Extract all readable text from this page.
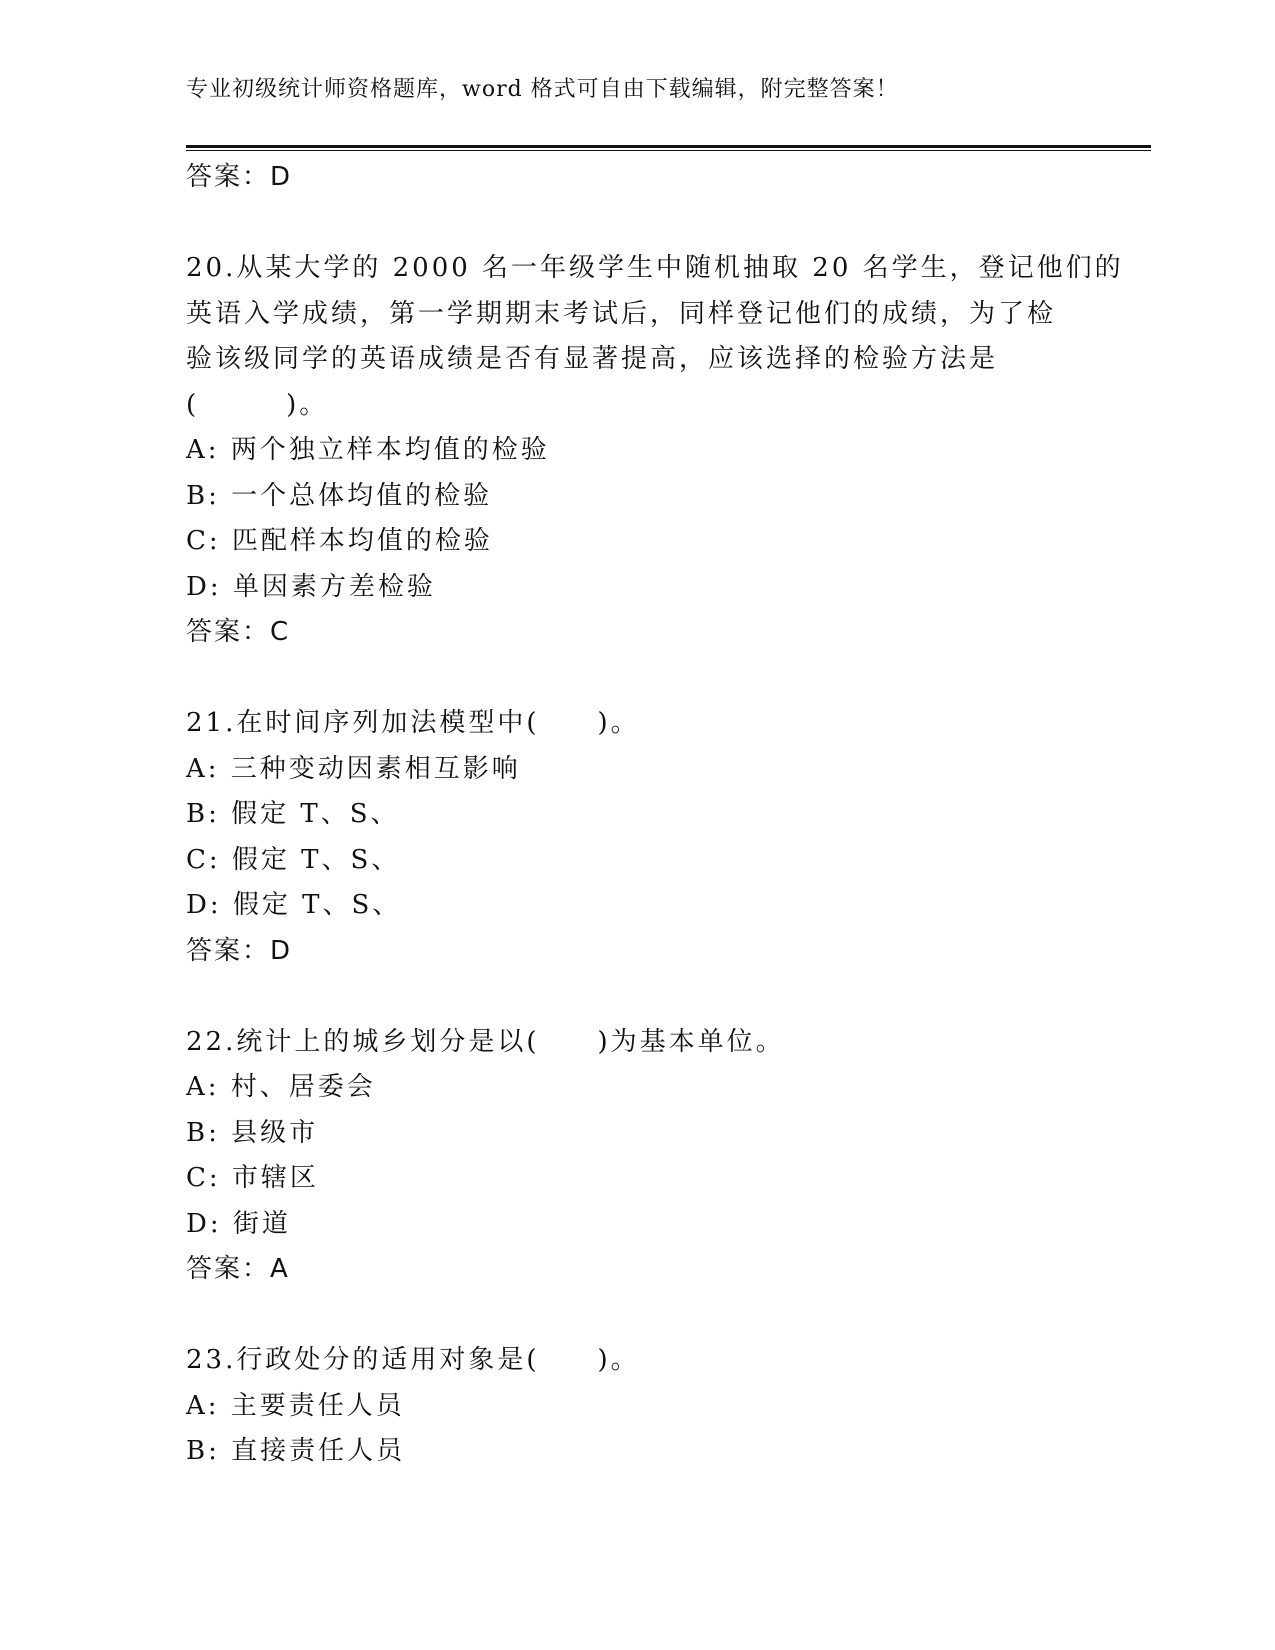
专业初级统计师资格题库，word 格式可自由下载编辑，附完整答案！
答案：D
20.从某大学的 2000 名一年级学生中随机抽取 20 名学生，登记他们的
英语入学成绩，第一学期期末考试后，同样登记他们的成绩，为了检
验该级同学的英语成绩是否有显著提高，应该选择的检验方法是
(　　　)。
A: 两个独立样本均值的检验
B: 一个总体均值的检验
C: 匹配样本均值的检验
D: 单因素方差检验
答案：C
21.在时间序列加法模型中(　　)。
A: 三种变动因素相互影响
B: 假定 T、S、
C: 假定 T、S、
D: 假定 T、S、
答案：D
22.统计上的城乡划分是以(　　)为基本单位。
A: 村、居委会
B: 县级市
C: 市辖区
D: 街道
答案：A
23.行政处分的适用对象是(　　)。
A: 主要责任人员
B: 直接责任人员
